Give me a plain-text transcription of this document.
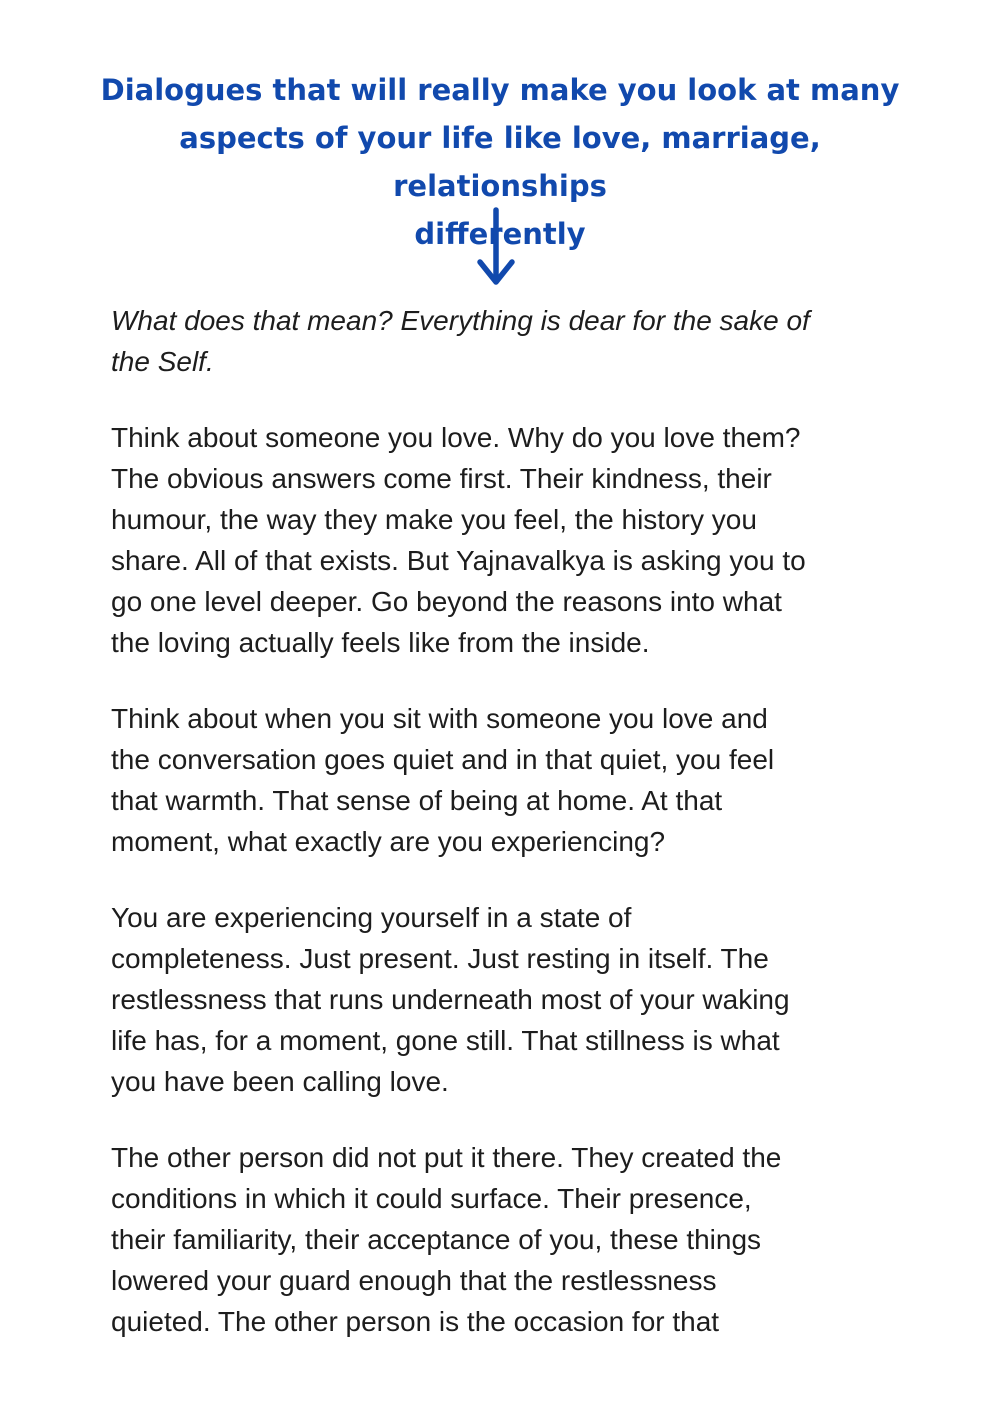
Dialogues that will really make you look at many
aspects of your life like love, marriage, relationships
differently

What does that mean? Everything is dear for the sake of
the Self.

Think about someone you love. Why do you love them?
The obvious answers come first. Their kindness, their
humour, the way they make you feel, the history you
share. All of that exists. But Yajnavalkya is asking you to
go one level deeper. Go beyond the reasons into what
the loving actually feels like from the inside.

Think about when you sit with someone you love and
the conversation goes quiet and in that quiet, you feel
that warmth. That sense of being at home. At that
moment, what exactly are you experiencing?

You are experiencing yourself in a state of
completeness. Just present. Just resting in itself. The
restlessness that runs underneath most of your waking
life has, for a moment, gone still. That stillness is what
you have been calling love.

The other person did not put it there. They created the
conditions in which it could surface. Their presence,
their familiarity, their acceptance of you, these things
lowered your guard enough that the restlessness
quieted. The other person is the occasion for that
